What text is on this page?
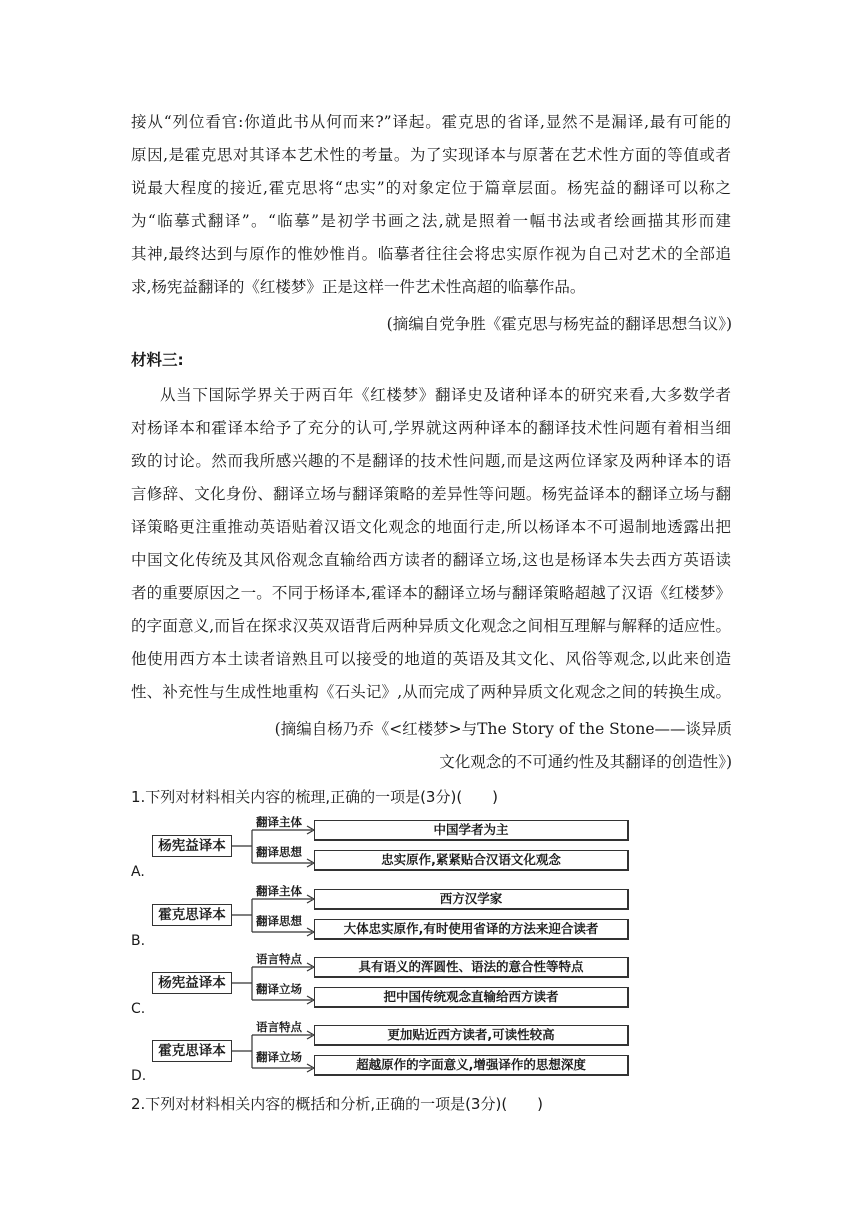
接从“列位看官:你道此书从何而来?”译起。霍克思的省译,显然不是漏译,最有可能的
原因,是霍克思对其译本艺术性的考量。为了实现译本与原著在艺术性方面的等值或者
说最大程度的接近,霍克思将“忠实”的对象定位于篇章层面。杨宪益的翻译可以称之
为“临摹式翻译”。“临摹”是初学书画之法,就是照着一幅书法或者绘画描其形而建
其神,最终达到与原作的惟妙惟肖。临摹者往往会将忠实原作视为自己对艺术的全部追
求,杨宪益翻译的《红楼梦》正是这样一件艺术性高超的临摹作品。
(摘编自党争胜《霍克思与杨宪益的翻译思想刍议》)
材料三:
从当下国际学界关于两百年《红楼梦》翻译史及诸种译本的研究来看,大多数学者
对杨译本和霍译本给予了充分的认可,学界就这两种译本的翻译技术性问题有着相当细
致的讨论。然而我所感兴趣的不是翻译的技术性问题,而是这两位译家及两种译本的语
言修辞、文化身份、翻译立场与翻译策略的差异性等问题。杨宪益译本的翻译立场与翻
译策略更注重推动英语贴着汉语文化观念的地面行走,所以杨译本不可遏制地透露出把
中国文化传统及其风俗观念直输给西方读者的翻译立场,这也是杨译本失去西方英语读
者的重要原因之一。不同于杨译本,霍译本的翻译立场与翻译策略超越了汉语《红楼梦》
的字面意义,而旨在探求汉英双语背后两种异质文化观念之间相互理解与解释的适应性。
他使用西方本土读者谙熟且可以接受的地道的英语及其文化、风俗等观念,以此来创造
性、补充性与生成性地重构《石头记》,从而完成了两种异质文化观念之间的转换生成。
(摘编自杨乃乔《<红楼梦>与The Story of the Stone——谈异质
文化观念的不可通约性及其翻译的创造性》)
1.下列对材料相关内容的梳理,正确的一项是(3分)(　　)
杨宪益译本
翻译主体
翻译思想
中国学者为主
忠实原作,紧紧贴合汉语文化观念
A.
霍克思译本
翻译主体
翻译思想
西方汉学家
大体忠实原作,有时使用省译的方法来迎合读者
B.
杨宪益译本
语言特点
翻译立场
具有语义的浑圆性、语法的意合性等特点
把中国传统观念直输给西方读者
C.
霍克思译本
语言特点
翻译立场
更加贴近西方读者,可读性较高
超越原作的字面意义,增强译作的思想深度
D.
2.下列对材料相关内容的概括和分析,正确的一项是(3分)(　　)
